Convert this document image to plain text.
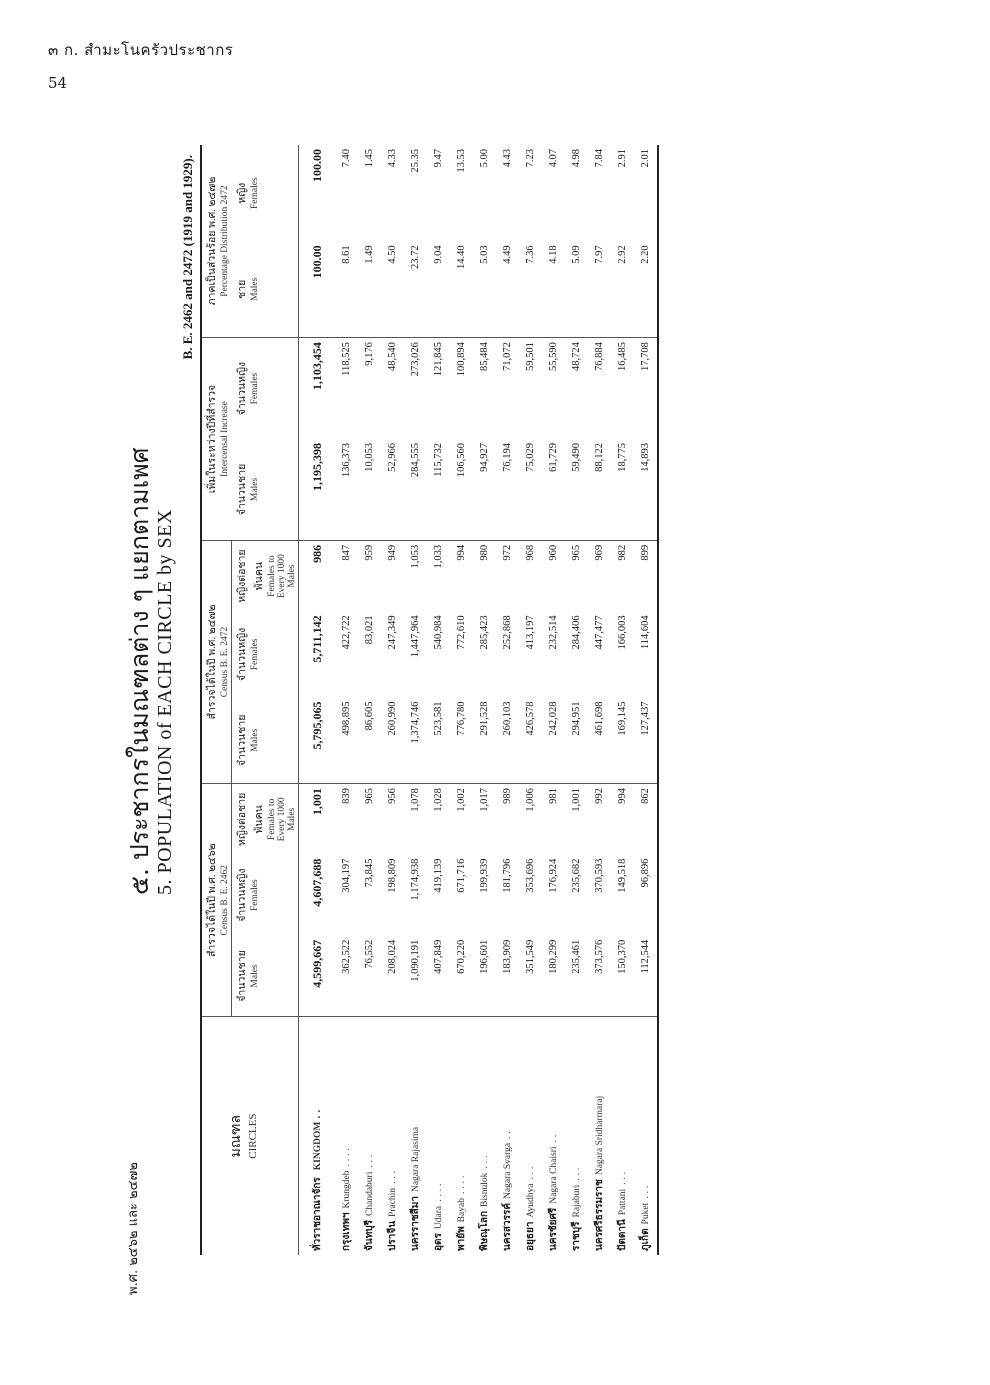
๓ ก. สำมะโนครัวประชากร
54
พ.ศ. ๒๔๖๒ และ ๒๔๗๒
๕. ประชากรในมณฑลต่าง ๆ แยกตามเพศ 5. POPULATION of EACH CIRCLE by SEX
B. E. 2462 and 2472 (1919 and 1929).
มณฑล CIRCLES	สำรวจได้ในปี พ.ศ. ๒๔๖๒ Census B. E. 2462			สำรวจได้ในปี พ.ศ. ๒๔๗๒ Census B. E. 2472			เพิ่มในระหว่างปีที่สำรวจ Intercensal Increase		ภาคเป็นส่วนร้อย พ.ศ. ๒๔๗๒ Percentage Distribution 2472	

	จำนวนชาย Males	จำนวนหญิง Females	หญิงต่อชายพันคน Females to Every 1000 Males	จำนวนชาย Males	จำนวนหญิง Females	หญิงต่อชายพันคน Females to Every 1000 Males	จำนวนชาย Males	จำนวนหญิง Females	ชาย Males	หญิง Females

ทั่วราชอาณาจักร KINGDOM . .	4,599,667	4,607,688	1,001	5,795,065	5,711,142	986	1,195,398	1,103,454	100.00	100.00
กรุงเทพฯKrungdeb. . . .	362,522	304,197	839	498,895	422,722	847	136,373	118,525	8.61	7.40
จันทบุรีChandaburi. . .	76,552	73,845	965	86,605	83,021	959	10,053	9,176	1.49	1.45
ปราจีนPrachin. . .	208,024	198,809	956	260,990	247,349	949	52,966	48,540	4.50	4.33
นครราชสีมาNagara Rajasima	1,090,191	1,174,938	1,078	1,374,746	1,447,964	1,053	284,555	273,026	23.72	25.35
อุดรUdara. . . .	407,849	419,139	1,028	523,581	540,984	1,033	115,732	121,845	9.04	9.47
พายัพBayab. . . .	670,220	671,716	1,002	776,780	772,610	994	106,560	100,894	14.40	13.53
พิษณุโลกBisnulok. . .	196,601	199,939	1,017	291,528	285,423	980	94,927	85,484	5.03	5.00
นครสวรรค์Nagara Svarga. .	183,909	181,796	989	260,103	252,868	972	76,194	71,072	4.49	4.43
อยุธยาAyudhya. . .	351,549	353,696	1,006	426,578	413,197	968	75,029	59,501	7.36	7.23
นครชัยศรีNagara Chaisri. .	180,299	176,924	981	242,028	232,514	960	61,729	55,590	4.18	4.07
ราชบุรีRajaburi. . .	235,461	235,682	1,001	294,951	284,406	965	59,490	48,724	5.09	4.98
นครศรีธรรมราชNagara Sridharmaraj	373,576	370,593	992	461,698	447,477	969	88,122	76,884	7.97	7.84
ปัตตานีPattani. . .	150,370	149,518	994	169,145	166,003	982	18,775	16,485	2.92	2.91
ภูเก็ตPuket. . .	112,544	96,896	862	127,437	114,604	899	14,893	17,708	2.20	2.01
